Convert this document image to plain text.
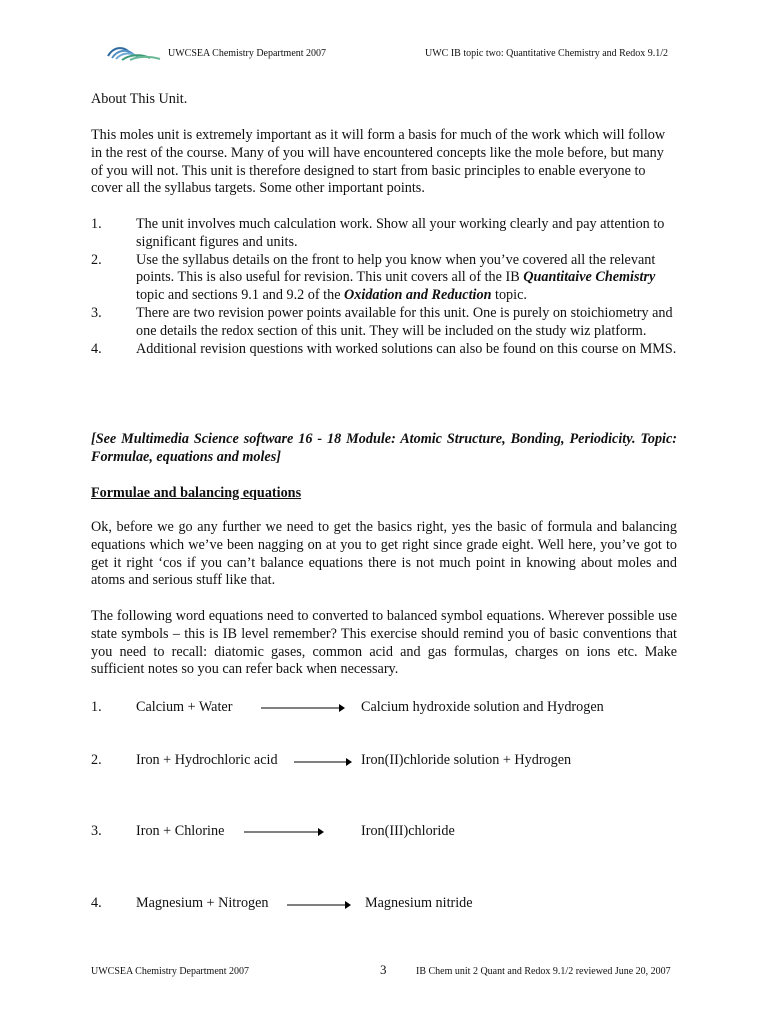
UWCSEA Chemistry Department 2007	UWC IB topic two: Quantitative Chemistry and Redox 9.1/2

About This Unit.

This moles unit is extremely important as it will form a basis for much of the work which will follow in the rest of the course. Many of you will have encountered concepts like the mole before, but many of you will not. This unit is therefore designed to start from basic principles to enable everyone to cover all the syllabus targets. Some other important points.

1. The unit involves much calculation work. Show all your working clearly and pay attention to significant figures and units.
2. Use the syllabus details on the front to help you know when you’ve covered all the relevant points. This is also useful for revision. This unit covers all of the IB Quantitaive Chemistry topic and sections 9.1 and 9.2 of the Oxidation and Reduction topic.
3. There are two revision power points available for this unit. One is purely on stoichiometry and one details the redox section of this unit. They will be included on the study wiz platform.
4. Additional revision questions with worked solutions can also be found on this course on MMS.

[See Multimedia Science software 16 - 18 Module: Atomic Structure, Bonding, Periodicity. Topic: Formulae, equations and moles]

Formulae and balancing equations

Ok, before we go any further we need to get the basics right, yes the basic of formula and balancing equations which we’ve been nagging on at you to get right since grade eight. Well here, you’ve got to get it right ‘cos if you can’t balance equations there is not much point in knowing about moles and atoms and serious stuff like that.

The following word equations need to converted to balanced symbol equations. Wherever possible use state symbols – this is IB level remember? This exercise should remind you of basic conventions that you need to recall: diatomic gases, common acid and gas formulas, charges on ions etc. Make sufficient notes so you can refer back when necessary.

1. Calcium + Water	Calcium hydroxide solution and Hydrogen
2. Iron + Hydrochloric acid	Iron(II)chloride solution + Hydrogen
3. Iron + Chlorine	Iron(III)chloride
4. Magnesium + Nitrogen	Magnesium nitride
UWCSEA Chemistry Department 2007	3	IB Chem unit 2 Quant and Redox 9.1/2 reviewed June 20, 2007
